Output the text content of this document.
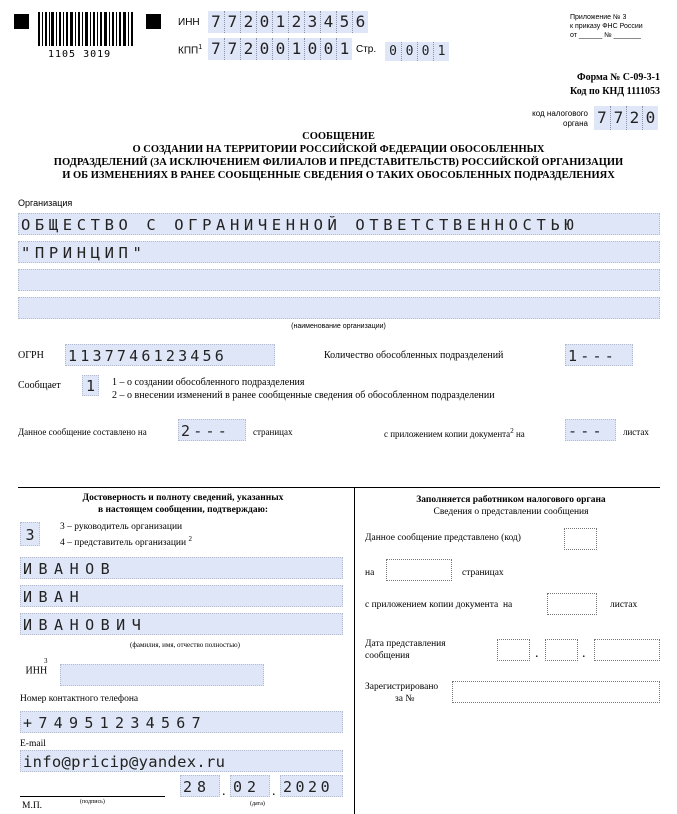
1105 3019
ИНН 7 7 2 0 1 2 3 4 5 6
КПП$^1$ 7 7 2 0 0 1 0 0 1 Стр. 0 0 0 1
Приложение № 3
к приказу ФНС России
от ______ № _______
Форма № С-09-3-1
Код по КНД 1111053
код налогового
органа 7 7 2 0
СООБЩЕНИЕ
О СОЗДАНИИ НА ТЕРРИТОРИИ РОССИЙСКОЙ ФЕДЕРАЦИИ ОБОСОБЛЕННЫХ
ПОДРАЗДЕЛЕНИЙ (ЗА ИСКЛЮЧЕНИЕМ ФИЛИАЛОВ И ПРЕДСТАВИТЕЛЬСТВ) РОССИЙСКОЙ ОРГАНИЗАЦИИ
И ОБ ИЗМЕНЕНИЯХ В РАНЕЕ СООБЩЕННЫЕ СВЕДЕНИЯ О ТАКИХ ОБОСОБЛЕННЫХ ПОДРАЗДЕЛЕНИЯХ
Организация
ОБЩЕСТВО С ОГРАНИЧЕННОЙ ОТВЕТСТВЕННОСТЬЮ
"ПРИНЦИП"
(наименование организации)
ОГРН 1137746123456	Количество обособленных подразделений	1---
Сообщает 1	1 – о создании обособленного подразделения
2 – о внесении изменений в ранее сообщенные сведения об обособленном подразделении
Данное сообщение составлено на 2---	страницах	с приложением копии документа$^2$ на	---	листах
Достоверность и полноту сведений, указанных
в настоящем сообщении, подтверждаю:
3	3 – руководитель организации
4 – представитель организации $^2$
ИВАНОВ
ИВАН
ИВАНОВИЧ
(фамилия, имя, отчество полностью)
$^3$ИНН
Номер контактного телефона
+74951234567
E-mail
info@pricip@yandex.ru
(подпись)
М.П.
28 . 02 . 2020
(дата)
Заполняется работником налогового органа
Сведения о представлении сообщения
Данное сообщение представлено (код)
на	страницах
с приложением копии документа на	листах
Дата представления
сообщения	.	.
Зарегистрировано
за №
